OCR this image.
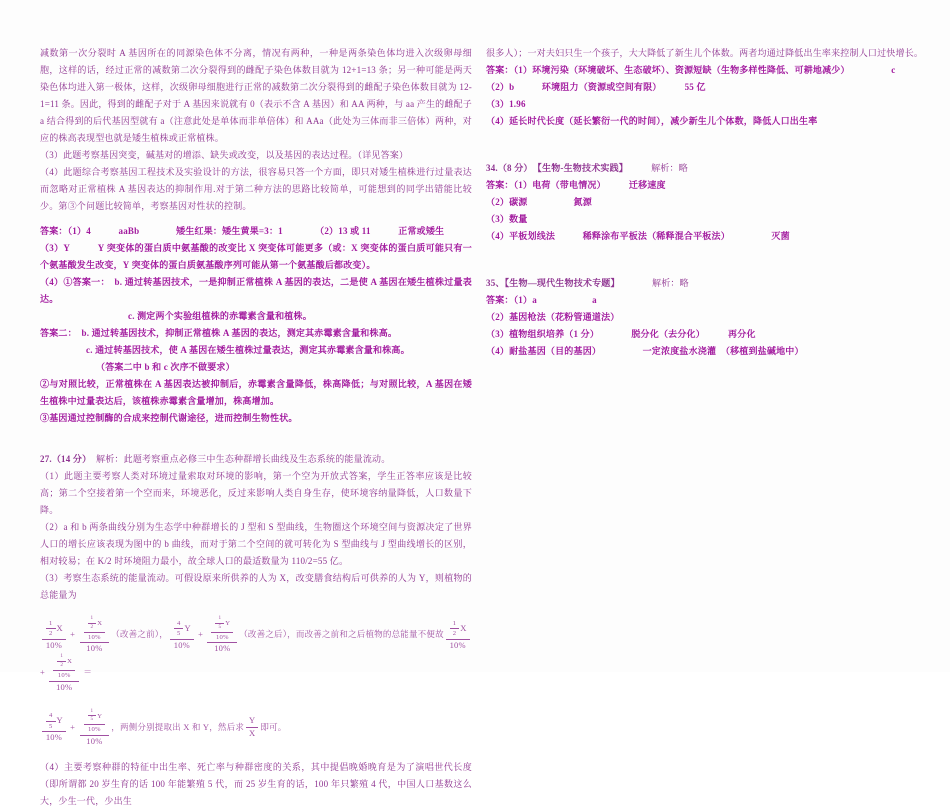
减数第一次分裂时 A 基因所在的同源染色体不分离，情况有两种，一种是两条染色体均进入次级卵母细胞，这样的话，经过正常的减数第二次分裂得到的雌配子染色体数目就为 12+1=13 条；另一种可能是两天染色体均进入第一极体，这样，次级卵母细胞进行正常的减数第二次分裂得到的雌配子染色体数目就为 12-1=11 条。因此，得到的雌配子对于 A 基因来说就有 0（表示不含 A 基因）和 AA 两种，与 aa 产生的雌配子 a 结合得到的后代基因型就有 a（注意此处是单体而非单倍体）和 AAa（此处为三体而非三倍体）两种，对应的株高表现型也就是矮生植株或正常植株。
（3）此题考察基因突变，碱基对的增添、缺失或改变，以及基因的表达过程。（详见答案）
（4）此题综合考察基因工程技术及实验设计的方法，很容易只答一个方面，即只对矮生植株进行过量表达而忽略对正常植株 A 基因表达的抑制作用.对于第二种方法的思路比较简单，可能想到的同学出错能比较少。第③个问题比较简单，考察基因对性状的控制。
答案：（1）4　　　aaBb　　　　矮生红果：矮生黄果=3：1　　　　（2）13 或 11　　　正常或矮生
（3）Y　　　Y 突变体的蛋白质中氨基酸的改变比 X 突变体可能更多（或：X 突变体的蛋白质可能只有一个氨基酸发生改变，Y 突变体的蛋白质氨基酸序列可能从第一个氨基酸后都改变）。
（4）①答案一：　b. 通过转基因技术，一是抑制正常植株 A 基因的表达，二是使 A 基因在矮生植株过量表达。
c. 测定两个实验组植株的赤霉素含量和植株。
答案二：　b. 通过转基因技术，抑制正常植株 A 基因的表达，测定其赤霉素含量和株高。
c. 通过转基因技术，使 A 基因在矮生植株过量表达，测定其赤霉素含量和株高。
（答案二中 b 和 c 次序不做要求）
②与对照比较，正常植株在 A 基因表达被抑制后，赤霉素含量降低，株高降低；与对照比较，A 基因在矮生植株中过量表达后，该植株赤霉素含量增加，株高增加。
③基因通过控制酶的合成来控制代谢途径，进而控制生物性状。
27.（14 分）　解析：此题考察重点必修三中生态种群增长曲线及生态系统的能量流动。
（1）此题主要考察人类对环境过量索取对环境的影响，第一个空为开放式答案，学生正答率应该是比较高；第二个空接着第一个空而来，环境恶化，反过来影响人类自身生存，使环境容纳量降低，人口数量下降。
（2）a 和 b 两条曲线分别为生态学中种群增长的 J 型和 S 型曲线，生物圈这个环境空间与资源决定了世界人口的增长应该表现为图中的 b 曲线，而对于第二个空间的就可转化为 S 型曲线与 J 型曲线增长的区别，相对较易；在 K/2 时环境阻力最小，故全球人口的最适数量为 110/2=55 亿。
（3）考察生态系统的能量流动。可假设原来所供养的人为 X，改变膳食结构后可供养的人为 Y，则植物的总能量为
$\frac{\frac{1}{2} X}{10\%} + \frac{\frac{\frac{1}{2} X}{10\%}}{10\%}$ （改善之前）， $\frac{\frac{4}{5} Y}{10\%} + \frac{\frac{\frac{1}{5} Y}{10\%}}{10\%}$ （改善之后），而改善之前和之后植物的总能量不便故 $\frac{\frac{1}{2} X}{10\%}$
+ $\frac{\frac{\frac{1}{2} X}{10\%}}{10\%}$ ＝
$\frac{\frac{4}{5} Y}{10\%} + \frac{\frac{\frac{1}{5} Y}{10\%}}{10\%}$ ，两侧分别提取出 X 和 Y，然后求 $\frac{Y}{X}$ 即可。
（4）主要考察种群的特征中出生率、死亡率与种群密度的关系，其中提倡晚婚晚育是为了演唱世代长度（即所谓都 20 岁生育的话 100 年能繁殖 5 代，而 25 岁生育的话，100 年只繁殖 4 代，中国人口基数这么大，少生一代，少出生
很多人）；一对夫妇只生一个孩子，大大降低了新生儿个体数。两者均通过降低出生率来控制人口过快增长。
答案：（1）环境污染（环境破坏、生态破坏）、资源短缺（生物多样性降低、可耕地减少）　　　　　c
（2）b　　　环境阻力（资源或空间有限）　　　55 亿
（3）1.96
（4）延长时代长度（延长繁衍一代的时间），减少新生儿个体数，降低人口出生率
34.（8 分）　【生物-生物技术实践】　　　解析：略
答案：（1）电荷（带电情况）　　　迁移速度
（2）碳源　　　　　氮源
（3）数量
（4）平板划线法　　　稀释涂布平板法（稀释混合平板法）　　　　　灭菌
35、【生物—现代生物技术专题】　　　　解析：略
答案：（1）a　　　　　　a
（2）基因枪法（花粉管通道法）
（3）植物组织培养（1 分）　　　　脱分化（去分化）　　　再分化
（4）耐盐基因（目的基因）　　　　　一定浓度盐水浇灌　（移植到盐碱地中）
